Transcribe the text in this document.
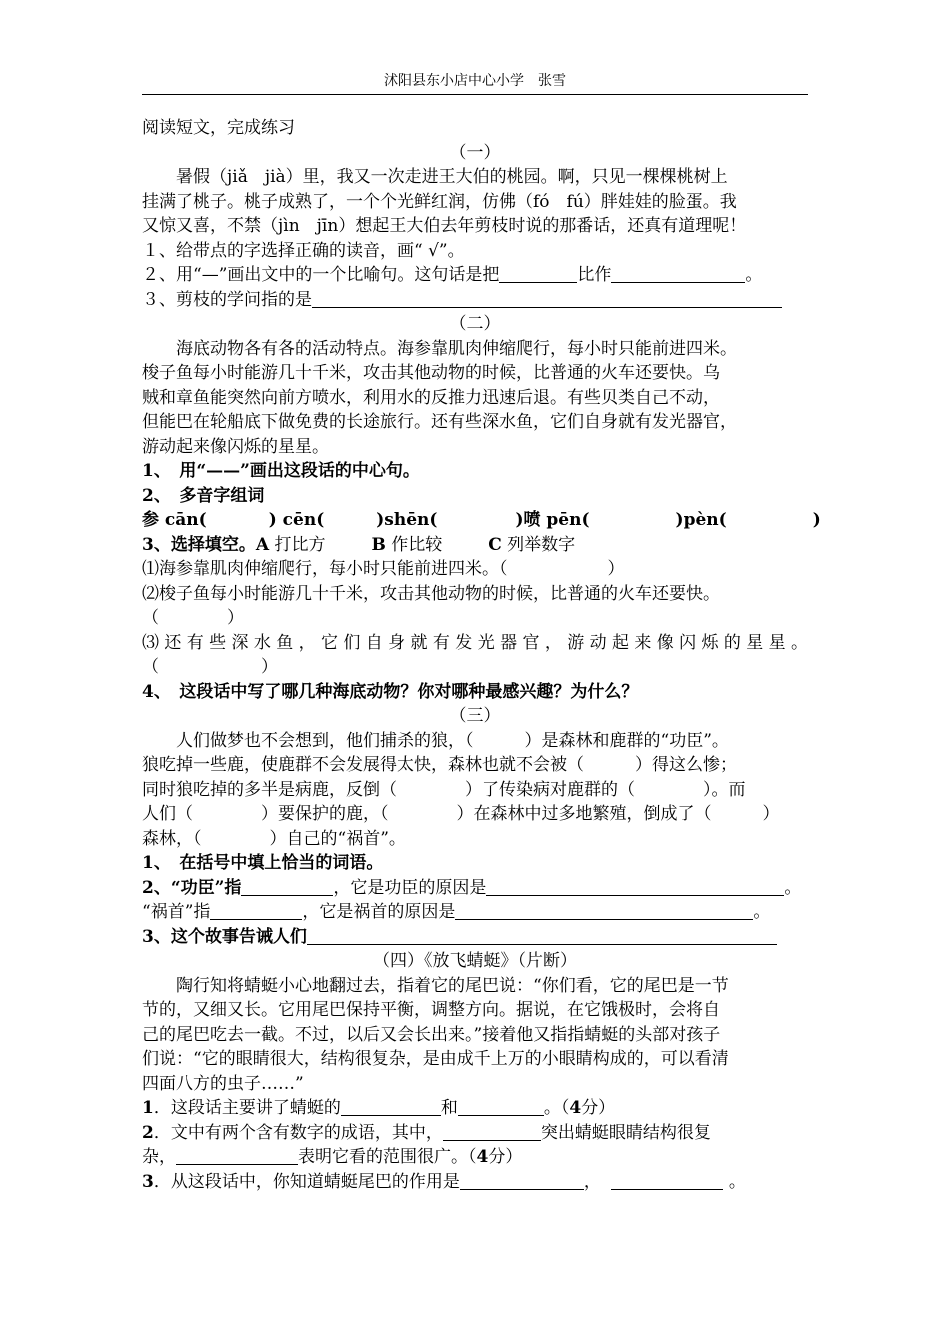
沭阳县东小店中心小学　张雪
阅读短文，完成练习
（一）
暑假（jiǎ　jià）里，我又一次走进王大伯的桃园。啊，只见一棵棵桃树上
挂满了桃子。桃子成熟了，一个个光鲜红润，仿佛（fó　fú）胖娃娃的脸蛋。我
又惊又喜，不禁（jìn　jīn）想起王大伯去年剪枝时说的那番话，还真有道理呢！
１、给带点的字选择正确的读音，画“ √”。
２、用“—”画出文中的一个比喻句。这句话是把	比作	。
３、剪枝的学问指的是
（二）
海底动物各有各的活动特点。海参靠肌肉伸缩爬行，每小时只能前进四米。
梭子鱼每小时能游几十千米，攻击其他动物的时候，比普通的火车还要快。乌
贼和章鱼能突然向前方喷水，利用水的反推力迅速后退。有些贝类自己不动，
但能巴在轮船底下做免费的长途旅行。还有些深水鱼，它们自身就有发光器官，
游动起来像闪烁的星星。
1、　用“——”画出这段话的中心句。
2、　多音字组词
参 cān(	) cēn(	)shēn(	)喷 pēn(	)pèn(	)
3、选择填空。A 打比方	B 作比较	C 列举数字
⑴海参靠肌肉伸缩爬行，每小时只能前进四米。（	）
⑵梭子鱼每小时能游几十千米，攻击其他动物的时候，比普通的火车还要快。
（　　　　）
⑶还有些深水鱼，它们自身就有发光器官，游动起来像闪烁的星星。
（　　　　　　）
4、　这段话中写了哪几种海底动物？你对哪种最感兴趣？为什么？
（三）
人们做梦也不会想到，他们捕杀的狼，（　　　）是森林和鹿群的“功臣”。
狼吃掉一些鹿，使鹿群不会发展得太快，森林也就不会被（　　　）得这么惨；
同时狼吃掉的多半是病鹿，反倒（　　　　）了传染病对鹿群的（　　　　）。而
人们（　　　　）要保护的鹿，（　　　　）在森林中过多地繁殖，倒成了（　　　）
森林，（　　　　）自己的“祸首”。
1、　在括号中填上恰当的词语。
2、“功臣”指	，它是功臣的原因是	。
“祸首”指	，它是祸首的原因是	。
3、这个故事告诫人们
（四）《放飞蜻蜓》（片断）
陶行知将蜻蜓小心地翻过去，指着它的尾巴说：“你们看，它的尾巴是一节
节的，又细又长。它用尾巴保持平衡，调整方向。据说，在它饿极时，会将自
己的尾巴吃去一截。不过，以后又会长出来。”接着他又指指蜻蜓的头部对孩子
们说：“它的眼睛很大，结构很复杂，是由成千上万的小眼睛构成的，可以看清
四面八方的虫子……”
1．这段话主要讲了蜻蜓的	和	。（4分）
2．文中有两个含有数字的成语，其中，	突出蜻蜓眼睛结构很复
杂，	表明它看的范围很广。（4分）
3．从这段话中，你知道蜻蜓尾巴的作用是	，	。
